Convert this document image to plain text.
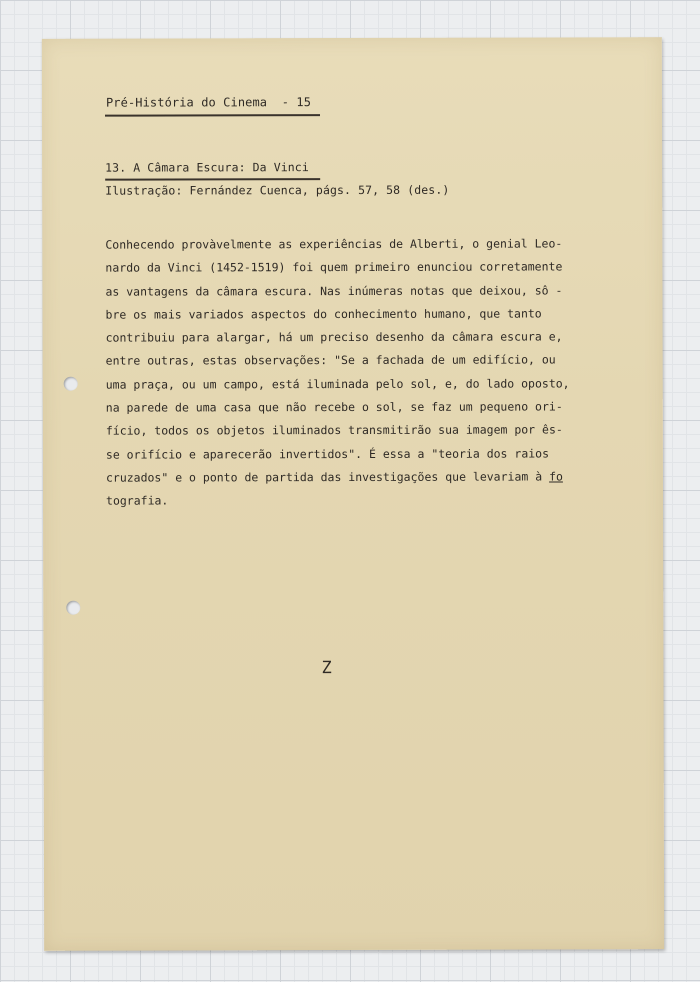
Pré-História do Cinema  - 15
13. A Câmara Escura: Da Vinci
Ilustração: Fernández Cuenca, págs. 57, 58 (des.)
Conhecendo provàvelmente as experiências de Alberti, o genial Leo-
nardo da Vinci (1452-1519) foi quem primeiro enunciou corretamente
as vantagens da câmara escura. Nas inúmeras notas que deixou, sô -
bre os mais variados aspectos do conhecimento humano, que tanto
contribuiu para alargar, há um preciso desenho da câmara escura e,
entre outras, estas observações: "Se a fachada de um edifício, ou
uma praça, ou um campo, está iluminada pelo sol, e, do lado oposto,
na parede de uma casa que não recebe o sol, se faz um pequeno ori-
fício, todos os objetos iluminados transmitirão sua imagem por ês-
se orifício e aparecerão invertidos". É essa a "teoria dos raios
cruzados" e o ponto de partida das investigações que levariam à fo
tografia.
Z
